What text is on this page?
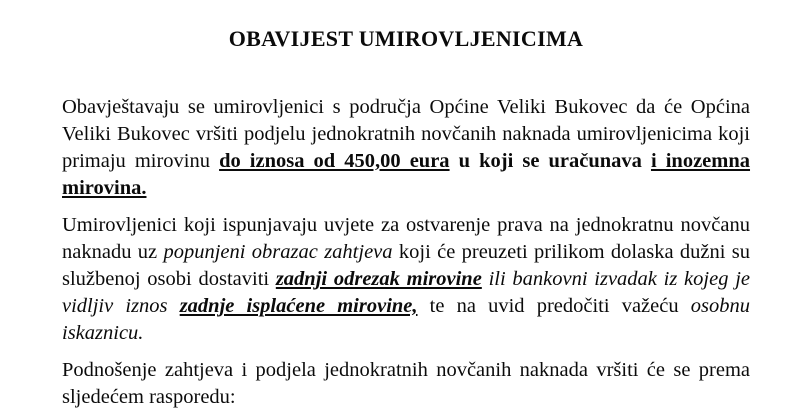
OBAVIJEST UMIROVLJENICIMA

Obavještavaju se umirovljenici s područja Općine Veliki Bukovec da će Općina Veliki Bukovec vršiti podjelu jednokratnih novčanih naknada umirovljenicima koji primaju mirovinu do iznosa od 450,00 eura u koji se uračunava i inozemna mirovina.

Umirovljenici koji ispunjavaju uvjete za ostvarenje prava na jednokratnu novčanu naknadu uz popunjeni obrazac zahtjeva koji će preuzeti prilikom dolaska dužni su službenoj osobi dostaviti zadnji odrezak mirovine ili bankovni izvadak iz kojeg je vidljiv iznos zadnje isplaćene mirovine, te na uvid predočiti važeću osobnu iskaznicu.

Podnošenje zahtjeva i podjela jednokratnih novčanih naknada vršiti će se prema sljedećem rasporedu:
